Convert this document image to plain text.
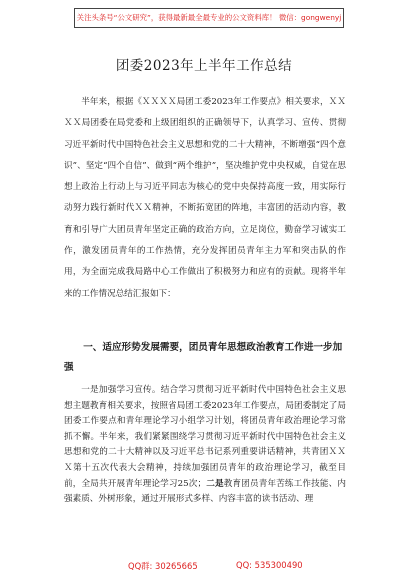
关注头条号“公文研究”，获得最新最全最专业的公文资料库！ 微信：gongwenyj
团委2023年上半年工作总结
半年来，根据《ＸＸＸＸ局团工委2023年工作要点》相关要求，ＸＸＸＸ局团委在局党委和上级团组织的正确领导下，认真学习、宣传、贯彻习近平新时代中国特色社会主义思想和党的二十大精神，不断增强“四个意识”、坚定“四个自信”、做到“两个维护”，坚决维护党中央权威，自觉在思想上政治上行动上与习近平同志为核心的党中央保持高度一致，用实际行动努力践行新时代ＸＸ精神，不断拓宽团的阵地，丰富团的活动内容，教育和引导广大团员青年坚定正确的政治方向，立足岗位，勤奋学习诚实工作，激发团员青年的工作热情，充分发挥团员青年主力军和突击队的作用，为全面完成我局路中心工作做出了积极努力和应有的贡献。现将半年来的工作情况总结汇报如下：
一、适应形势发展需要，团员青年思想政治教育工作进一步加强
一是加强学习宣传。结合学习贯彻习近平新时代中国特色社会主义思想主题教育相关要求，按照省局团工委2023年工作要点，局团委制定了局团委工作要点和青年理论学习小组学习计划，将团员青年政治理论学习常抓不懈。半年来，我们紧紧围绕学习贯彻习近平新时代中国特色社会主义思想和党的二十大精神以及习近平总书记系列重要讲话精神，共青团ＸＸＸ第十五次代表大会精神，持续加强团员青年的政治理论学习，截至目前，全局共开展青年理论学习25次；二是教育团员青年苦练工作技能、内强素质、外树形象，通过开展形式多样、内容丰富的读书活动、理
QQ群: 30265665	QQ: 535300490
